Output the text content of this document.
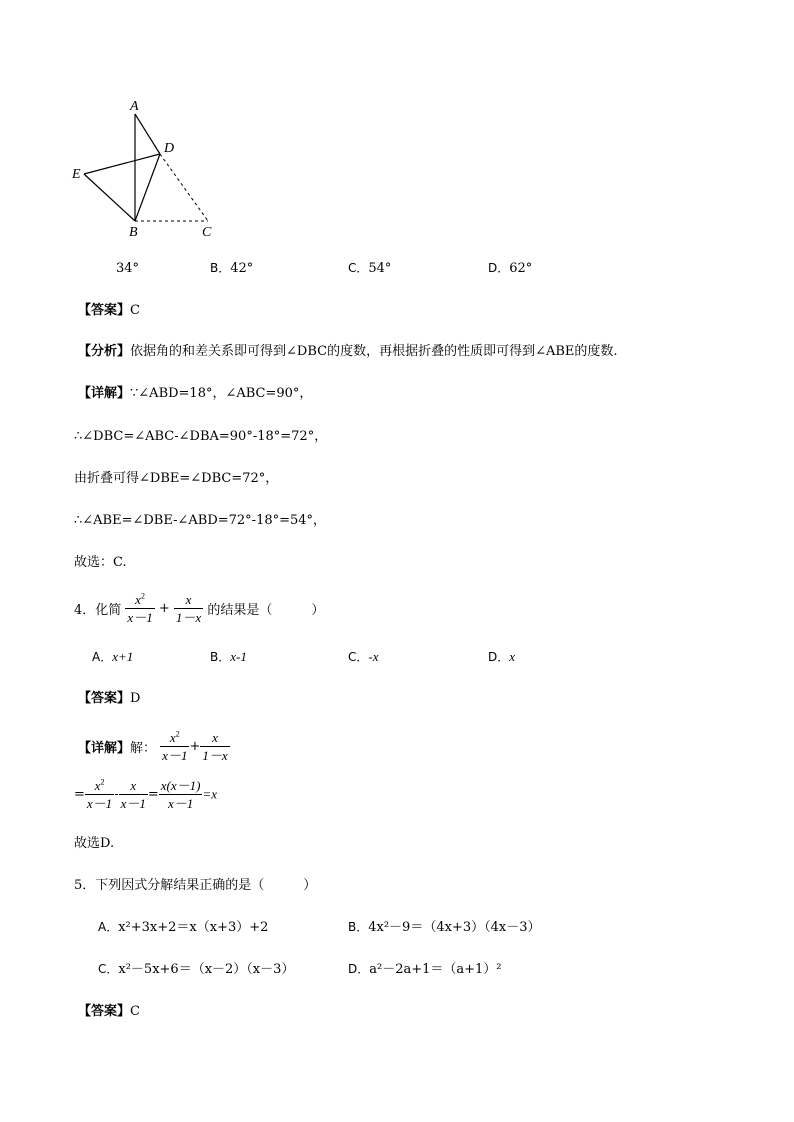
A
D
E
B	C
34°	B．42°	C．54°	D．62°
【答案】C
【分析】依据角的和差关系即可得到∠DBC的度数，再根据折叠的性质即可得到∠ABE的度数.
【详解】∵∠ABD=18°，∠ABC=90°，
∴∠DBC=∠ABC-∠DBA=90°-18°=72°，
由折叠可得∠DBE=∠DBC=72°，
∴∠ABE=∠DBE-∠ABD=72°-18°=54°，
故选：C.
4．化简 $\frac{x^2}{x-1} + \frac{x}{1-x}$ 的结果是（　　　）
A．x+1	B．x-1	C．-x	D．x
【答案】D
【详解】解： $\frac{x^2}{x-1} + \frac{x}{1-x}$
= $\frac{x^2}{x-1} - \frac{x}{x-1} = \frac{x(x-1)}{x-1} =x$
故选D.
5．下列因式分解结果正确的是（　　　）
A．x²+3x+2＝x（x+3）+2	B．4x²－9＝（4x+3）（4x－3）
C．x²－5x+6＝（x－2）（x－3）	D．a²－2a+1＝（a+1）²
【答案】C
